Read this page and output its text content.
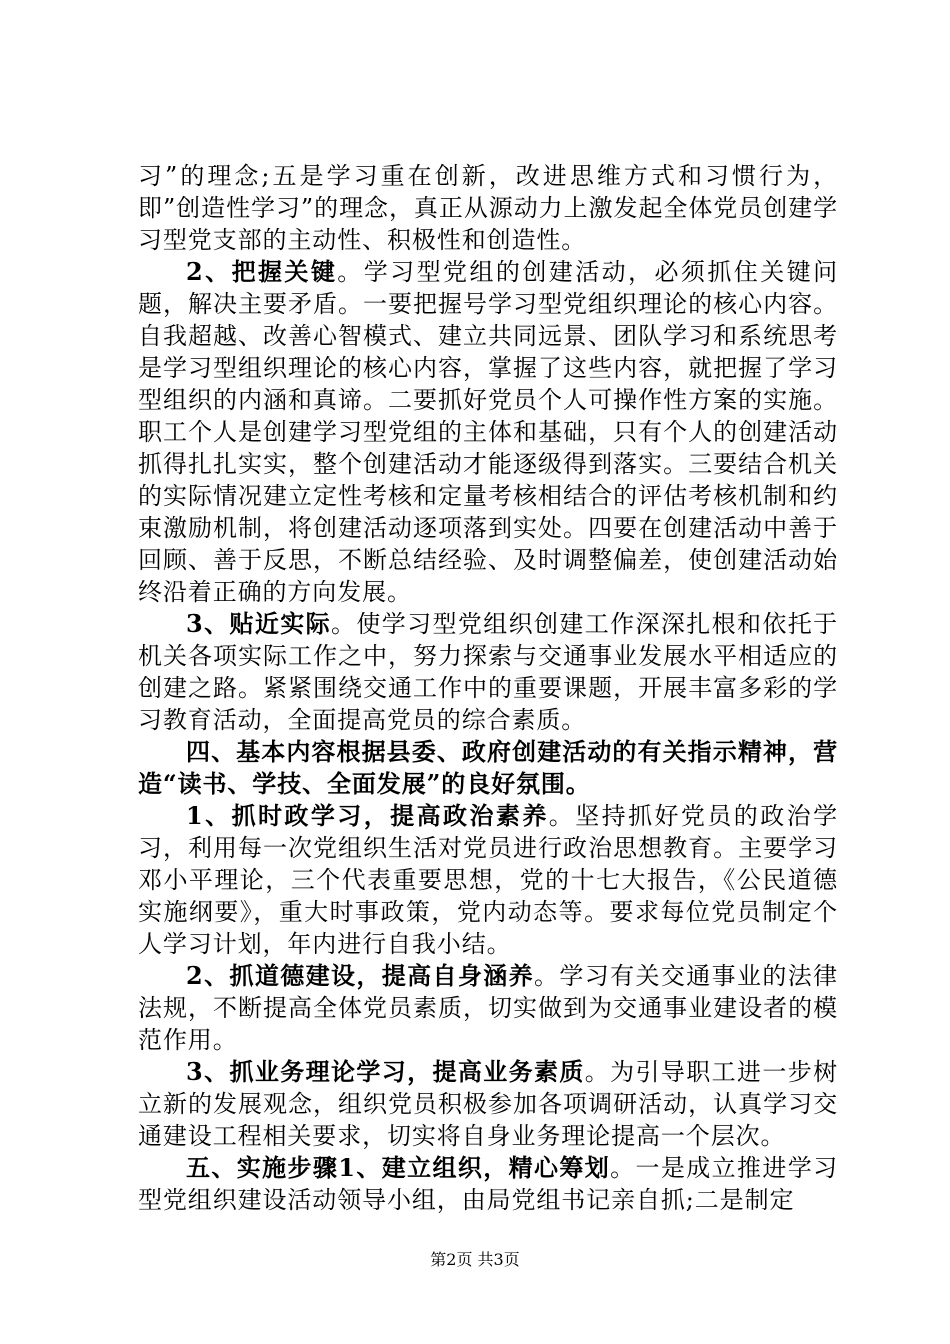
习”的理念;五是学习重在创新，改进思维方式和习惯行为，即”创造性学习”的理念，真正从源动力上激发起全体党员创建学习型党支部的主动性、积极性和创造性。

2、把握关键。学习型党组的创建活动，必须抓住关键问题，解决主要矛盾。一要把握号学习型党组织理论的核心内容。自我超越、改善心智模式、建立共同远景、团队学习和系统思考是学习型组织理论的核心内容，掌握了这些内容，就把握了学习型组织的内涵和真谛。二要抓好党员个人可操作性方案的实施。职工个人是创建学习型党组的主体和基础，只有个人的创建活动抓得扎扎实实，整个创建活动才能逐级得到落实。三要结合机关的实际情况建立定性考核和定量考核相结合的评估考核机制和约束激励机制，将创建活动逐项落到实处。四要在创建活动中善于回顾、善于反思，不断总结经验、及时调整偏差，使创建活动始终沿着正确的方向发展。

3、贴近实际。使学习型党组织创建工作深深扎根和依托于机关各项实际工作之中，努力探索与交通事业发展水平相适应的创建之路。紧紧围绕交通工作中的重要课题，开展丰富多彩的学习教育活动，全面提高党员的综合素质。

四、基本内容根据县委、政府创建活动的有关指示精神，营造“读书、学技、全面发展”的良好氛围。

1、抓时政学习，提高政治素养。坚持抓好党员的政治学习，利用每一次党组织生活对党员进行政治思想教育。主要学习邓小平理论，三个代表重要思想，党的十七大报告，《公民道德实施纲要》，重大时事政策，党内动态等。要求每位党员制定个人学习计划，年内进行自我小结。

2、抓道德建设，提高自身涵养。学习有关交通事业的法律法规，不断提高全体党员素质，切实做到为交通事业建设者的模范作用。

3、抓业务理论学习，提高业务素质。为引导职工进一步树立新的发展观念，组织党员积极参加各项调研活动，认真学习交通建设工程相关要求，切实将自身业务理论提高一个层次。

五、实施步骤1、建立组织，精心筹划。一是成立推进学习型党组织建设活动领导小组，由局党组书记亲自抓;二是制定

第2页 共3页
